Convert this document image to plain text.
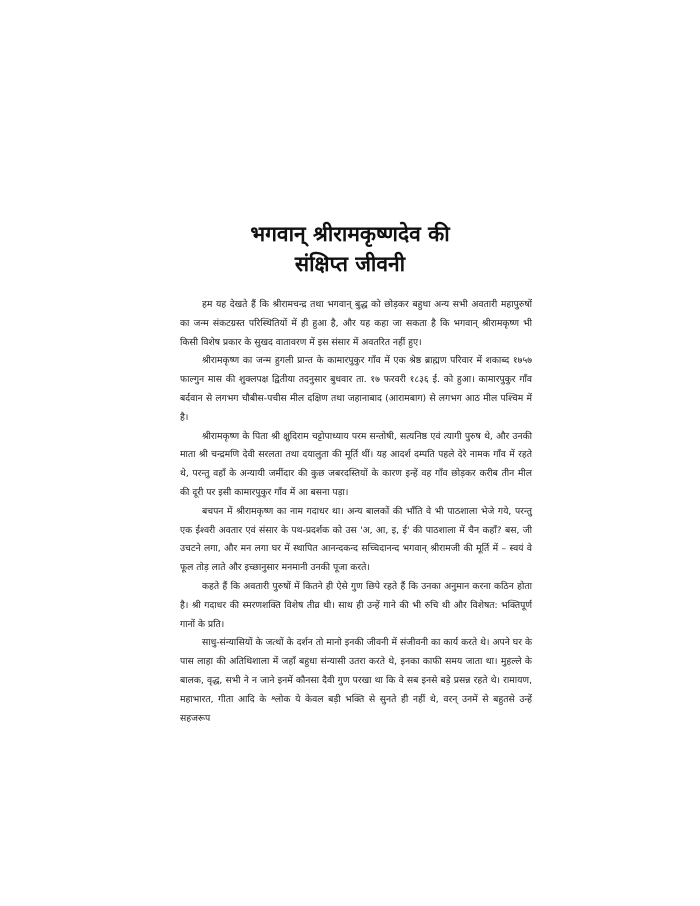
भगवान् श्रीरामकृष्णदेव की
संक्षिप्त जीवनी

हम यह देखते हैं कि श्रीरामचन्द्र तथा भगवान् बुद्ध को छोड़कर बहुधा अन्य सभी अवतारी महापुरुषों का जन्म संकटग्रस्त परिस्थितियों में ही हुआ है, और यह कहा जा सकता है कि भगवान् श्रीरामकृष्ण भी किसी विशेष प्रकार के सुखद वातावरण में इस संसार में अवतरित नहीं हुए।

श्रीरामकृष्ण का जन्म हुगली प्रान्त के कामारपुकुर गाँव में एक श्रेष्ठ ब्राह्मण परिवार में शकाब्द १७५७ फाल्गुन मास की शुक्लपक्ष द्वितीया तदनुसार बुधवार ता. १७ फरवरी १८३६ ई. को हुआ। कामारपुकुर गाँव बर्दवान से लगभग चौबीस-पचीस मील दक्षिण तथा जहानाबाद (आरामबाग) से लगभग आठ मील पश्चिम में है।

श्रीरामकृष्ण के पिता श्री क्षुदिराम चट्टोपाध्याय परम सन्तोषी, सत्यनिष्ठ एवं त्यागी पुरुष थे, और उनकी माता श्री चन्द्रमणि देवी सरलता तथा दयालुता की मूर्ति थीं। यह आदर्श दम्पति पहले देरे नामक गाँव में रहते थे, परन्तु वहाँ के अन्यायी जमींदार की कुछ जबरदस्तियों के कारण इन्हें वह गाँव छोड़कर करीब तीन मील की दूरी पर इसी कामारपुकुर गाँव में आ बसना पड़ा।

बचपन में श्रीरामकृष्ण का नाम गदाधर था। अन्य बालकों की भाँति वे भी पाठशाला भेजे गये, परन्तु एक ईश्वरी अवतार एवं संसार के पथ-प्रदर्शक को उस 'अ, आ, इ, ई' की पाठशाला में चैन कहाँ? बस, जी उचटने लगा, और मन लगा घर में स्थापित आनन्दकन्द सच्चिदानन्द भगवान् श्रीरामजी की मूर्ति में – स्वयं वे फूल तोड़ लाते और इच्छानुसार मनमानी उनकी पूजा करते।

कहते हैं कि अवतारी पुरुषों में कितने ही ऐसे गुण छिपे रहते हैं कि उनका अनुमान करना कठिन होता है। श्री गदाधर की स्मरणशक्ति विशेष तीव्र थी। साथ ही उन्हें गाने की भी रुचि थी और विशेषत: भक्तिपूर्ण गानों के प्रति।

साधु-संन्यासियों के जत्थों के दर्शन तो मानो इनकी जीवनी में संजीवनी का कार्य करते थे। अपने घर के पास लाहा की अतिथिशाला में जहाँ बहुधा संन्यासी उतरा करते थे, इनका काफी समय जाता था। मुहल्ले के बालक, वृद्ध, सभी ने न जाने इनमें कौनसा दैवी गुण परखा था कि वे सब इनसे बड़े प्रसन्न रहते थे। रामायण, महाभारत, गीता आदि के श्लोक ये केवल बड़ी भक्ति से सुनते ही नहीं थे, वरन् उनमें से बहुतसे उन्हें सहजरूप
